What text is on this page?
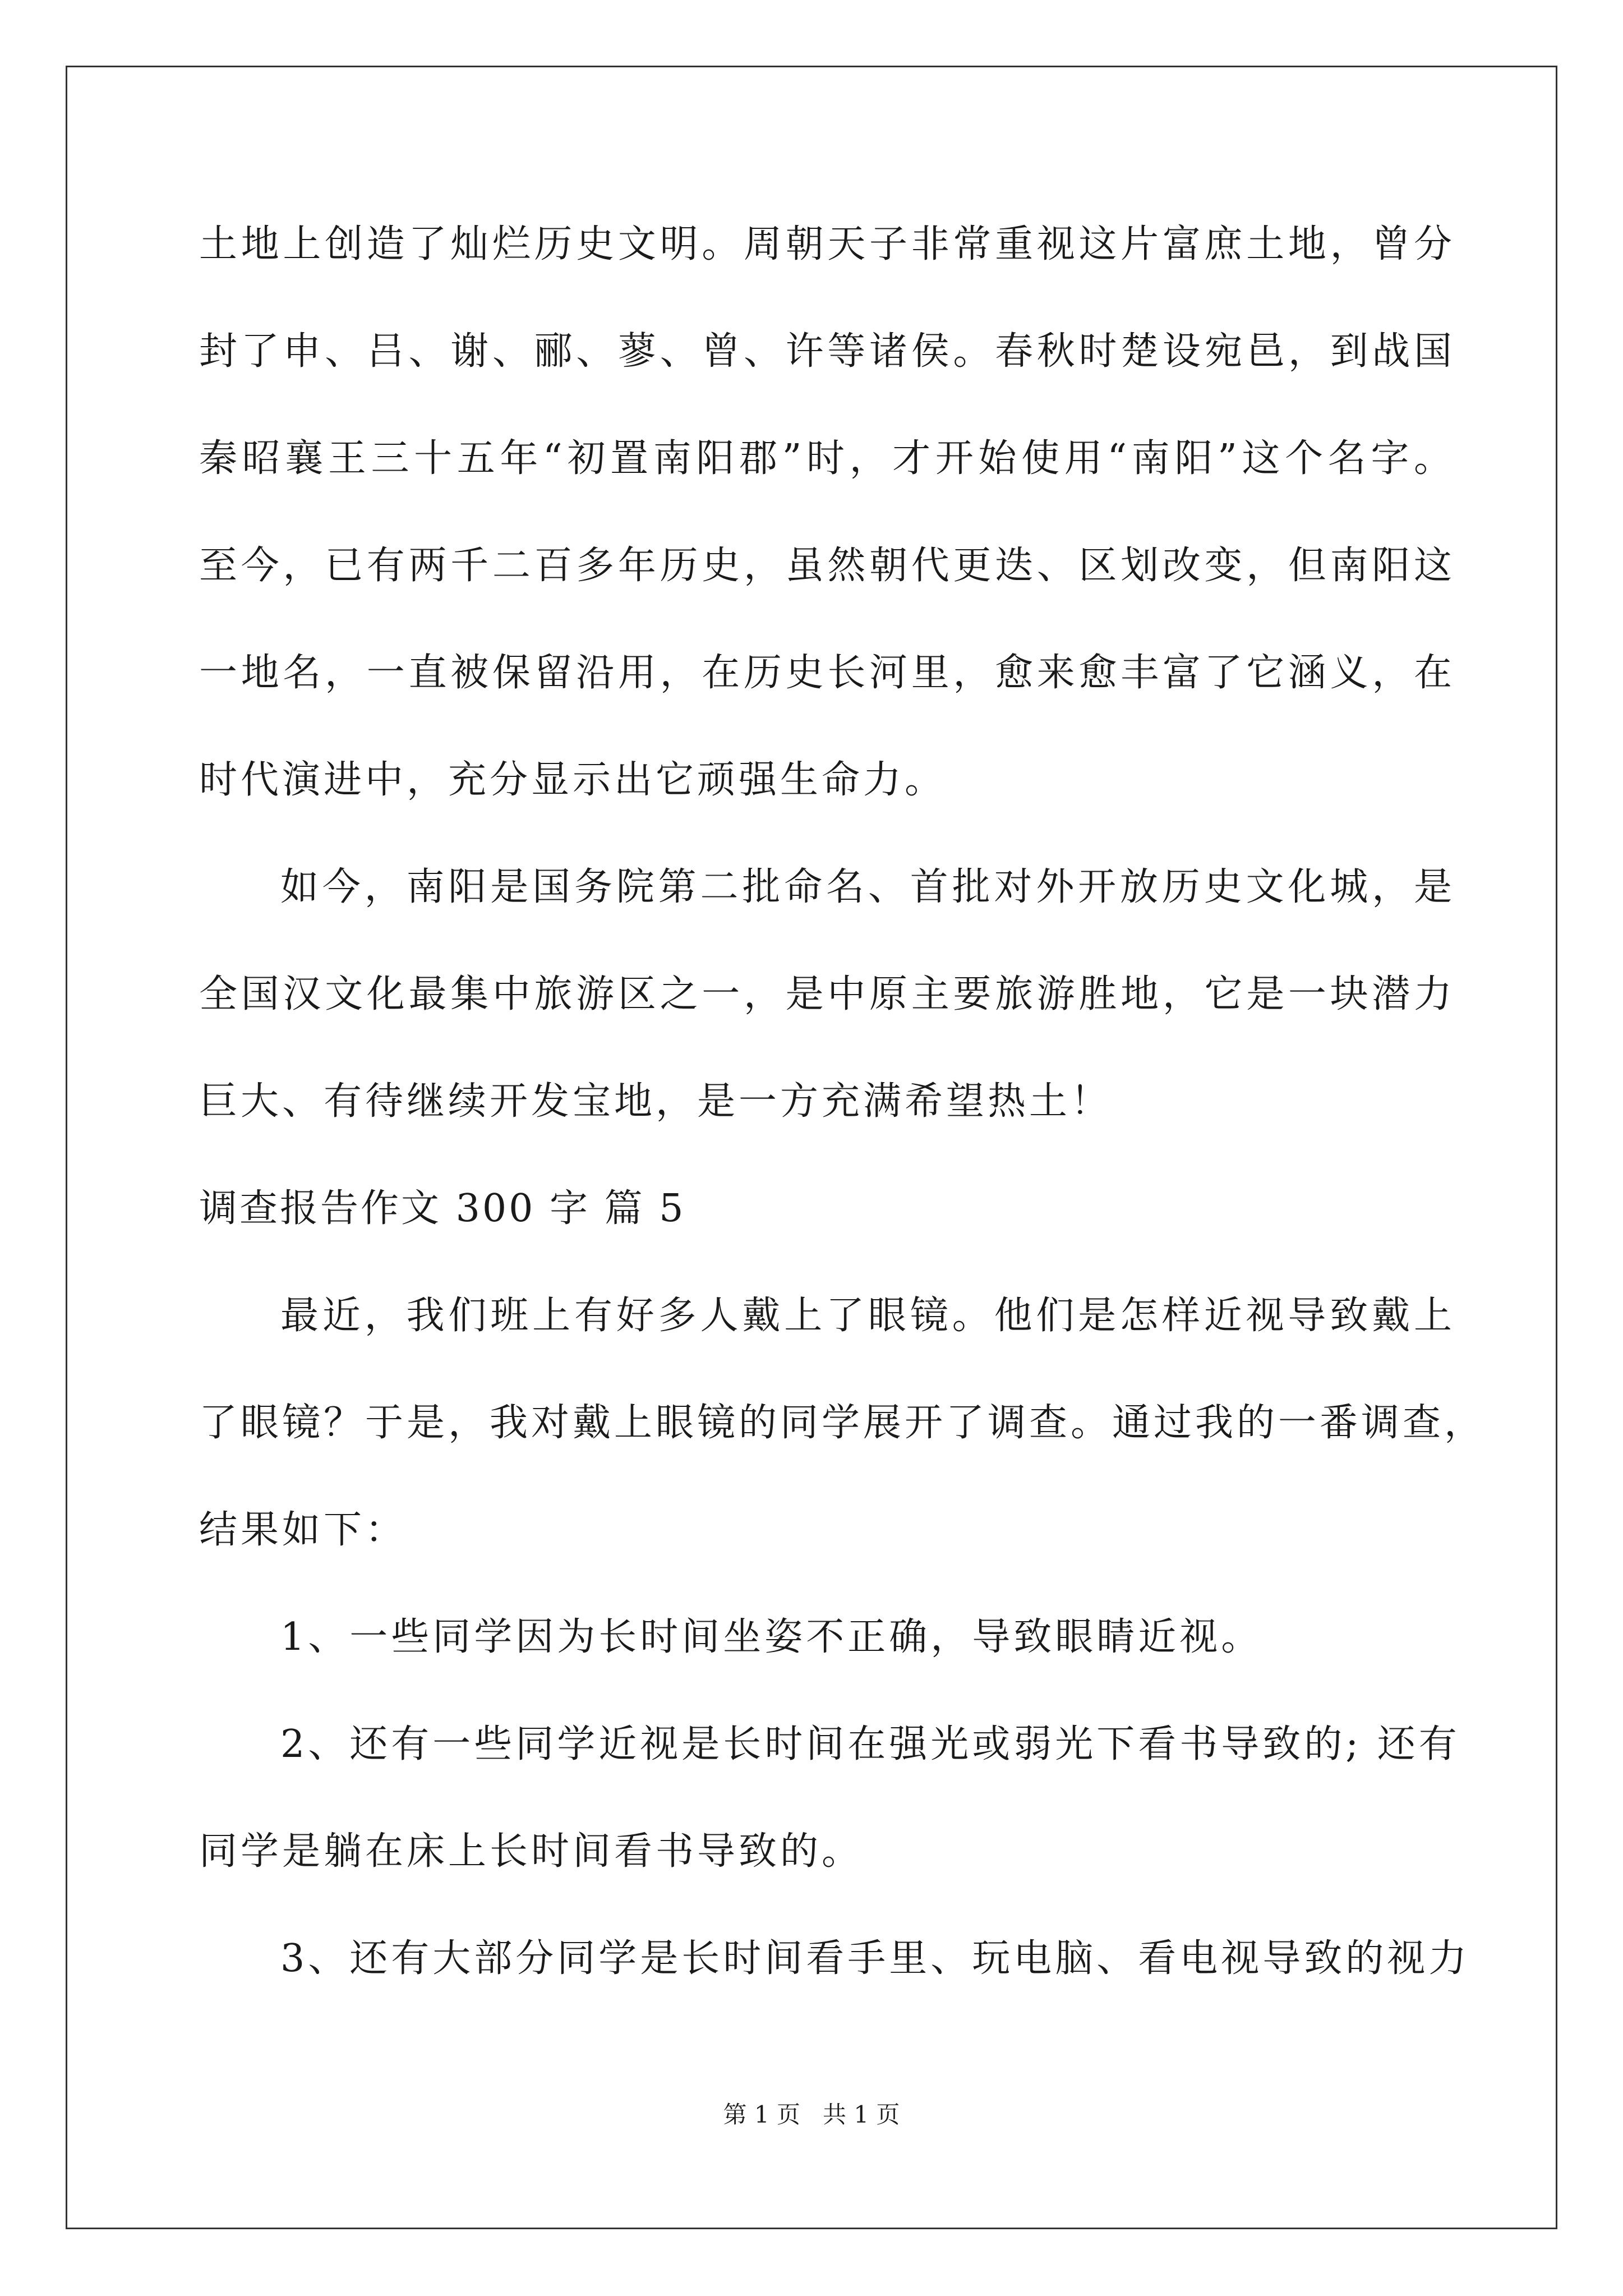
土地上创造了灿烂历史文明。周朝天子非常重视这片富庶土地，曾分
封了申、吕、谢、郦、蓼、曾、许等诸侯。春秋时楚设宛邑，到战国
秦昭襄王三十五年“初置南阳郡”时，才开始使用“南阳”这个名字。
至今，已有两千二百多年历史，虽然朝代更迭、区划改变，但南阳这
一地名，一直被保留沿用，在历史长河里，愈来愈丰富了它涵义，在
时代演进中，充分显示出它顽强生命力。
如今，南阳是国务院第二批命名、首批对外开放历史文化城，是
全国汉文化最集中旅游区之一，是中原主要旅游胜地，它是一块潜力
巨大、有待继续开发宝地，是一方充满希望热土！
调查报告作文 300 字 篇 5
最近，我们班上有好多人戴上了眼镜。他们是怎样近视导致戴上
了眼镜？于是，我对戴上眼镜的同学展开了调查。通过我的一番调查，
结果如下：
1、一些同学因为长时间坐姿不正确，导致眼睛近视。
2、还有一些同学近视是长时间在强光或弱光下看书导致的; 还有
同学是躺在床上长时间看书导致的。
3、还有大部分同学是长时间看手里、玩电脑、看电视导致的视力
第 1 页 共 1 页
